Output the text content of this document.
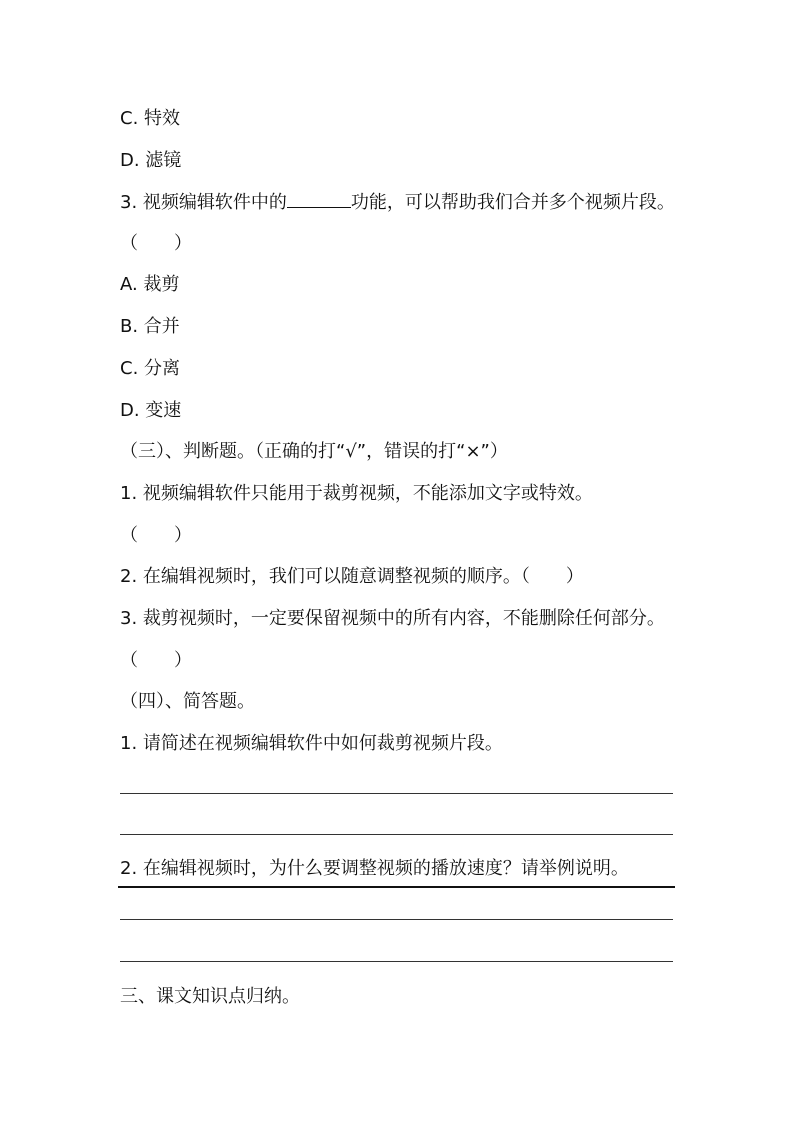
C. 特效
D. 滤镜
3. 视频编辑软件中的	功能，可以帮助我们合并多个视频片段。
（　　）
A. 裁剪
B. 合并
C. 分离
D. 变速
（三）、判断题。（正确的打“√”，错误的打“×”）
1. 视频编辑软件只能用于裁剪视频，不能添加文字或特效。
（　　）
2. 在编辑视频时，我们可以随意调整视频的顺序。（　　）
3. 裁剪视频时，一定要保留视频中的所有内容，不能删除任何部分。
（　　）
（四）、简答题。
1. 请简述在视频编辑软件中如何裁剪视频片段。
2. 在编辑视频时，为什么要调整视频的播放速度？请举例说明。
三、课文知识点归纳。
